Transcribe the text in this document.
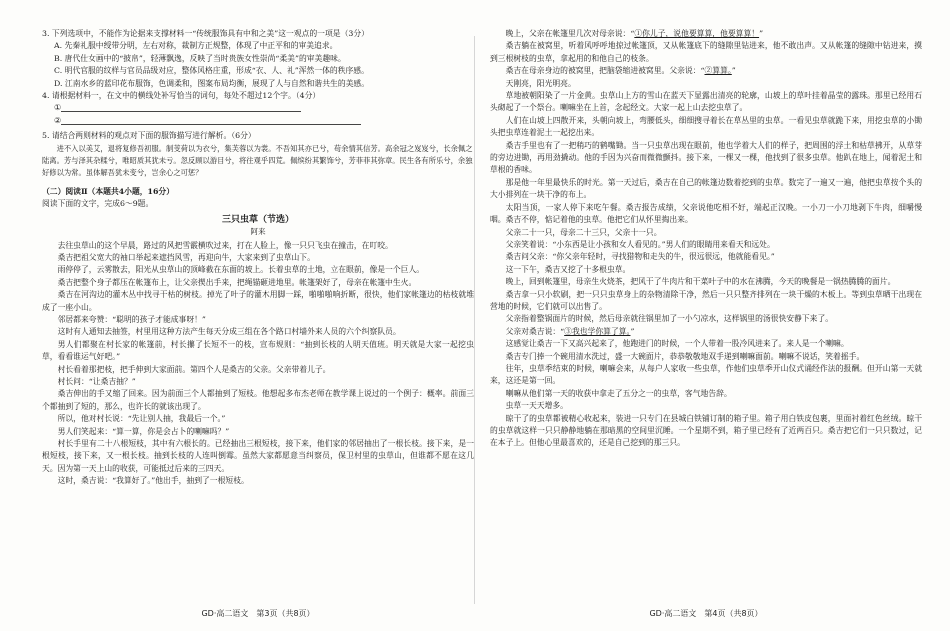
3. 下列选项中，不能作为论据来支撑材料一“传统服饰具有中和之美”这一观点的一项是（3分）

A. 先秦礼服中绶带分明，左右对称，裁制方正规整，体现了中正平和的审美追求。

B. 唐代仕女画中的“披帛”，轻薄飘逸，反映了当时贵族女性崇尚“柔美”的审美趣味。

C. 明代官服的纹样与官员品级对应，整体风格庄重，形成“衣、人、礼”浑然一体的秩序感。

D. 江南水乡的蓝印花布服饰，色调柔和，图案布局均衡，展现了人与自然和谐共生的美感。

4. 请根据材料一，在文中的横线处补写恰当的词句，每处不超过12个字。（4分）

①

②

5. 请结合两则材料的观点对下面的服饰描写进行解析。（6分）

进不入以美艾，退将复修吾初服。制芰荷以为衣兮，集芙蓉以为裳。不吾知其亦已兮，苟余情其信芳。高余冠之岌岌兮，长余佩之陆离。芳与泽其杂糅兮，唯昭质其犹未亏。忽反顾以游目兮，将往观乎四荒。佩缤纷其繁饰兮，芳菲菲其弥章。民生各有所乐兮，余独好修以为常。虽体解吾犹未变兮，岂余心之可惩？

（二）阅读Ⅱ（本题共4小题，16分）

阅读下面的文字，完成6～9题。

三只虫草（节选）

阿来

去往虫草山的这个早晨，路过的风把雪霰横吹过来，打在人脸上，像一只只飞虫在撞击，在叮咬。

桑吉把祖父宽大的袖口举起来遮挡风雪，再迎向牛，大家来到了虫草山下。

雨停停了，云雾散去，阳光从虫草山的顶峰截在东面的坡上。长着虫草的土地，立在眼前，像是一个巨人。

桑吉把整个身子都压在帐篷布上，让父亲揳出手来，把绳锚砸进地里。帐篷架好了，母亲在帐篷中生火。

桑吉在河沟边的灌木丛中找寻干枯的树枝。掉光了叶子的灌木用脚一踩，啪啪啪响折断，很快，他们家帐篷边的枯枝就堆成了一座小山。

邻居都来夸赞：“聪明的孩子才能成事呀！”

这时有人通知去抽签，村里用这种方法产生每天分成三组在各个路口村墙外来人员的六个纠察队员。

男人们都聚在村长家的帐篷前，村长攥了长短不一的枝，宣布规则：“抽到长枝的人明天值班。明天就是大家一起挖虫草，看看谁运气好吧。”

村长看着那把枝，把手伸到大家面前。第四个人是桑吉的父亲。父亲带着儿子。

村长问：“让桑吉抽？”

桑吉伸出的手又缩了回来。因为前面三个人都抽到了短枝。他想起多布杰老师在教学课上说过的一个例子：概率。前面三个都抽到了短的，那么，也许长的就该出现了。

所以，他对村长说：“先让别人抽，我最后一个。”

男人们笑起来：“算一算，你是会占卜的喇嘛吗？”

村长手里有二十八根短枝，其中有六根长的。已经抽出三根短枝，接下来，他们家的邻居抽出了一根长枝。接下来，是一根短枝，接下来，又一根长枝。抽到长枝的人连叫倒霉。虽然大家都愿意当纠察员，保卫村里的虫草山，但谁都不愿在这几天。因为第一天上山的收获，可能抵过后来的三四天。

这时，桑吉说：“我算好了。”他出手，抽到了一根短枝。

晚上，父亲在帐篷里几次对母亲说：“①你儿子，说他要算算，他要算算！”

桑吉躺在被窝里，听着风呼呼地掠过帐篷顶，又从帐篷底下的缝隙里钻进来，他不敢出声。又从帐篷的缝隙中钻进来，摸到三根树枝的虫草，拿起用的和他自己的枝条。

桑吉在母亲身边的被窝里，把脑袋缩进被窝里。父亲说：“②算算。”

天刚亮，阳光明亮。

草地被朝阳染了一片金黄。虫草山上方的雪山在蓝天下显露出清亮的轮廓，山坡上的草叶挂着晶莹的露珠。那里已经用石头砌起了一个祭台。喇嘛坐在上首，念起经文。大家一起上山去挖虫草了。

人们在山坡上四散开来，头朝向坡上，弯腰低头，细细搜寻着长在草丛里的虫草。一看见虫草就跪下来，用挖虫草的小锄头把虫草连着泥土一起挖出来。

桑吉手里也有了一把稍巧的鹤嘴锄。当一只虫草出现在眼前，他也学着大人们的样子，把周围的浮土和枯草拂开，从草芽的旁边进锄，再用劲撬动。他的手因为兴奋而微微颤抖。接下来，一棵又一棵，他找到了很多虫草。他趴在地上，闻着泥土和草根的香味。

那是他一年里最快乐的时光。第一天过后，桑吉在自己的帐篷边数着挖到的虫草。数完了一遍又一遍，他把虫草按个头的大小排列在一块干净的布上。

太阳当顶，一家人停下来吃午餐。桑吉报告成绩，父亲说他吃相不好，端起正汉晚。一小刀一小刀地剥下牛肉，细嚼慢咽。桑吉不停，惦记着他的虫草。他把它们从怀里掏出来。

父亲二十一只，母亲二十三只，父亲十一只。

父亲笑着说：“小东西是让小孩和女人看见的。”男人们的眼睛用来看天和远处。

桑吉问父亲：“你父亲年轻时，寻找猎物和走失的牛，很远很远，他就能看见。”

这一下午，桑吉又挖了十多根虫草。

晚上，回到帐篷里，母亲生火烧茶，把风干了牛肉片和干菜叶子中的水在沸腾，今天的晚餐是一锅热腾腾的面片。

桑吉拿一只小软刷，把一只只虫草身上的杂物清除干净，然后一只只整齐排列在一块干燥的木板上。等到虫草晒干出现在营地的时候，它们就可以出售了。

父亲指着整锅面片的时候，然后母亲就往锅里加了一小勺凉水，这样锅里的汤很快安静下来了。

父亲对桑吉说：“③我也学你算了算。”

这感觉让桑吉一下又高兴起来了，他跑进门的时候，一个人带着一股冷风进来了。来人是一个喇嘛。

桑吉专门捧一个碗用清水洗过，盛一大碗面片，恭恭敬敬地双手递到喇嘛面前。喇嘛不说话，笑着摇手。

往年，虫草季结束的时候，喇嘛会来，从每户人家收一些虫草，作他们虫草季开山仪式诵经作法的报酬。但开山第一天就来，这还是第一回。

喇嘛从他们第一天的收获中拿走了五分之一的虫草，客气地告辞。

虫草一天天增多。

晾干了的虫草都被精心收起来，装进一只专门在县城白铁铺订制的箱子里。箱子用白铁皮包裹，里面衬着红色丝绒。晾干的虫草就这样一只只静静地躺在那暗黑的空间里沉睡。一个星期不到，箱子里已经有了近两百只。桑吉把它们一只只数过，记在本子上。但他心里最喜欢的，还是自己挖到的那三只。

GD·高二语文　第3页（共8页）	GD·高二语文　第4页（共8页）
